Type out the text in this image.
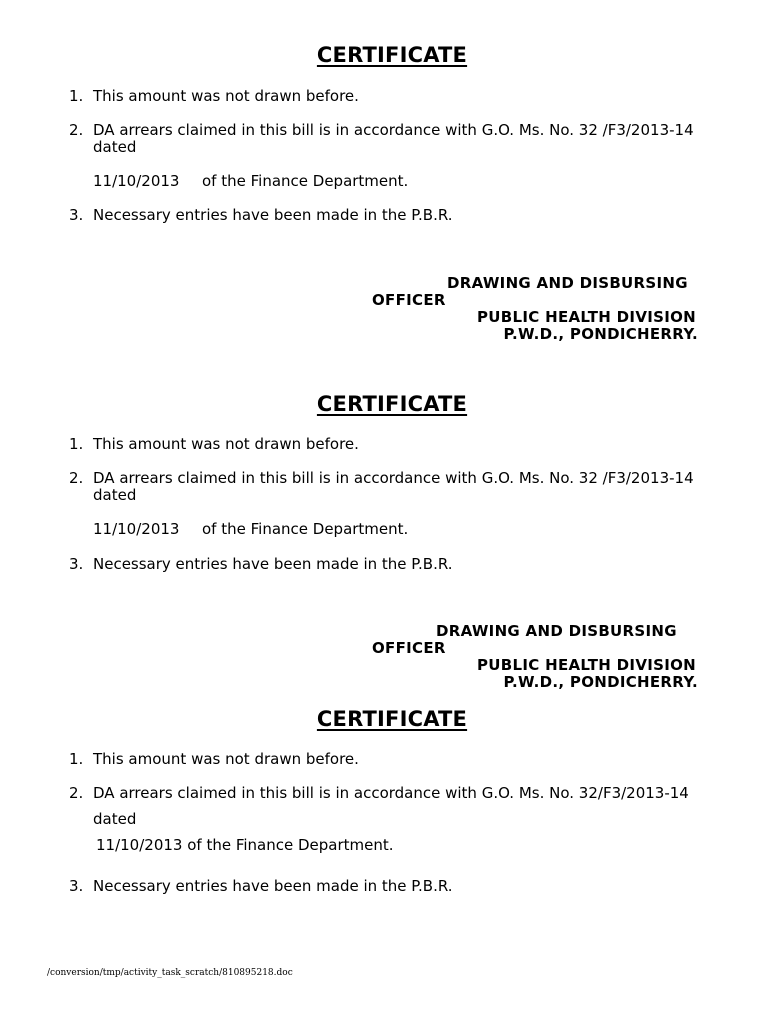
CERTIFICATE
1. This amount was not drawn before.
2. DA arrears claimed in this bill is in accordance with G.O. Ms. No. 32 /F3/2013-14
dated
11/10/2013 of the Finance Department.
3. Necessary entries have been made in the P.B.R.
DRAWING AND DISBURSING
OFFICER
PUBLIC HEALTH DIVISION
P.W.D., PONDICHERRY.
CERTIFICATE
1. This amount was not drawn before.
2. DA arrears claimed in this bill is in accordance with G.O. Ms. No. 32 /F3/2013-14
dated
11/10/2013 of the Finance Department.
3. Necessary entries have been made in the P.B.R.
DRAWING AND DISBURSING
OFFICER
PUBLIC HEALTH DIVISION
P.W.D., PONDICHERRY.
CERTIFICATE
1. This amount was not drawn before.
2. DA arrears claimed in this bill is in accordance with G.O. Ms. No. 32/F3/2013-14
dated
11/10/2013 of the Finance Department.
3. Necessary entries have been made in the P.B.R.
/conversion/tmp/activity_task_scratch/810895218.doc
